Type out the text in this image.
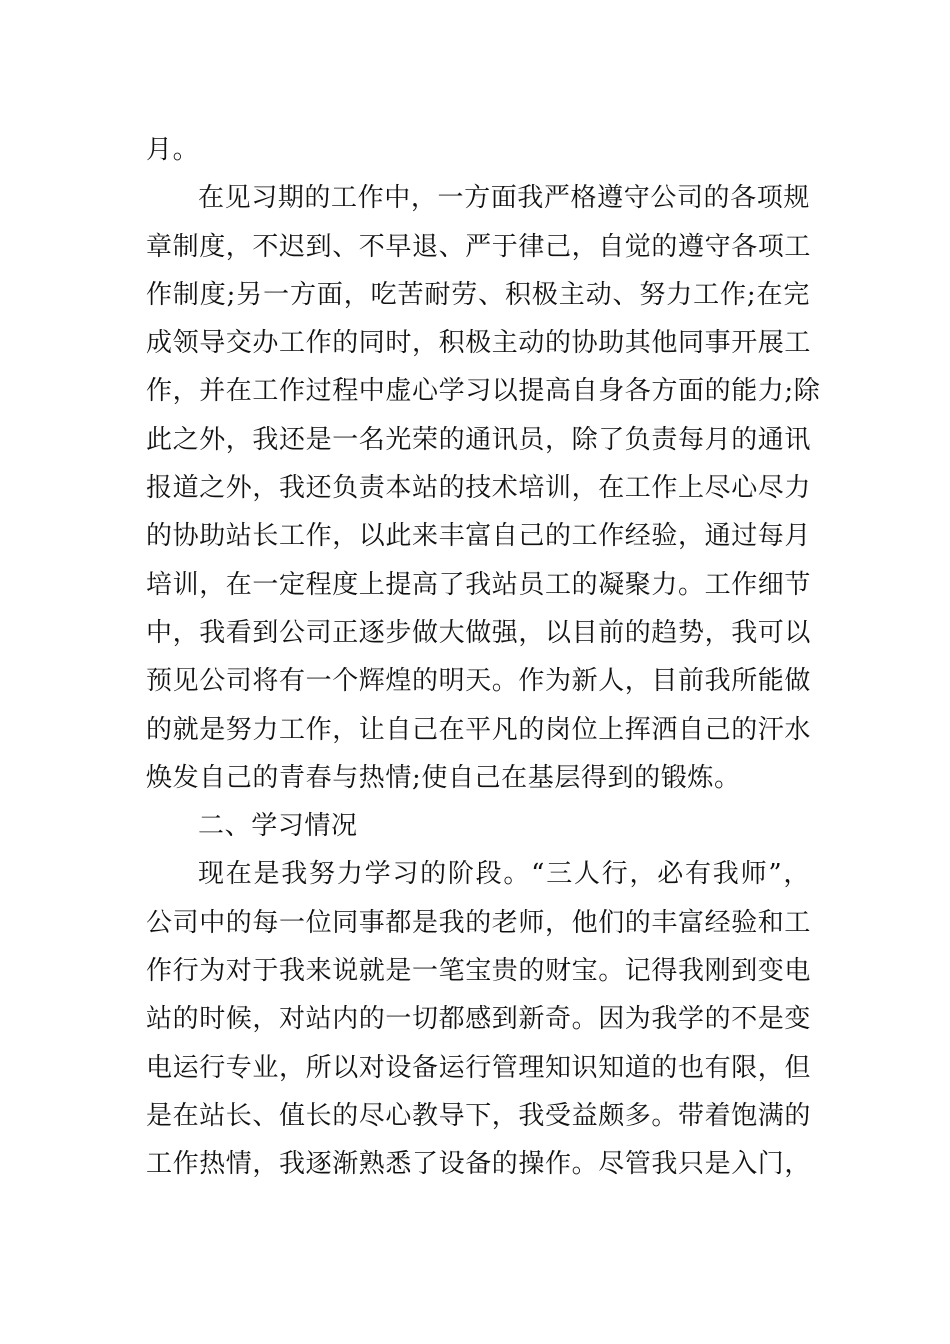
月。
在见习期的工作中，一方面我严格遵守公司的各项规
章制度，不迟到、不早退、严于律己，自觉的遵守各项工
作制度;另一方面，吃苦耐劳、积极主动、努力工作;在完
成领导交办工作的同时，积极主动的协助其他同事开展工
作，并在工作过程中虚心学习以提高自身各方面的能力;除
此之外，我还是一名光荣的通讯员，除了负责每月的通讯
报道之外，我还负责本站的技术培训，在工作上尽心尽力
的协助站长工作，以此来丰富自己的工作经验，通过每月
培训，在一定程度上提高了我站员工的凝聚力。工作细节
中，我看到公司正逐步做大做强，以目前的趋势，我可以
预见公司将有一个辉煌的明天。作为新人，目前我所能做
的就是努力工作，让自己在平凡的岗位上挥洒自己的汗水
焕发自己的青春与热情;使自己在基层得到的锻炼。
二、学习情况
现在是我努力学习的阶段。“三人行，必有我师”，
公司中的每一位同事都是我的老师，他们的丰富经验和工
作行为对于我来说就是一笔宝贵的财宝。记得我刚到变电
站的时候，对站内的一切都感到新奇。因为我学的不是变
电运行专业，所以对设备运行管理知识知道的也有限，但
是在站长、值长的尽心教导下，我受益颇多。带着饱满的
工作热情，我逐渐熟悉了设备的操作。尽管我只是入门，
